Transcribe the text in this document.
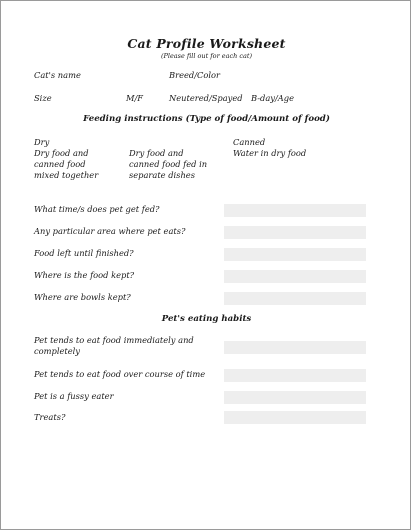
Cat Profile Worksheet
(Please fill out for each cat)
Cat's name	Breed/Color
Size	M/F	Neutered/Spayed B-day/Age
Feeding instructions (Type of food/Amount of food)
Dry	Canned
Dry food and
canned food
mixed together
Dry food and
canned food fed in
separate dishes
Water in dry food
What time/s does pet get fed?
Any particular area where pet eats?
Food left until finished?
Where is the food kept?
Where are bowls kept?
Pet's eating habits
Pet tends to eat food immediately and completely
Pet tends to eat food over course of time
Pet is a fussy eater
Treats?
